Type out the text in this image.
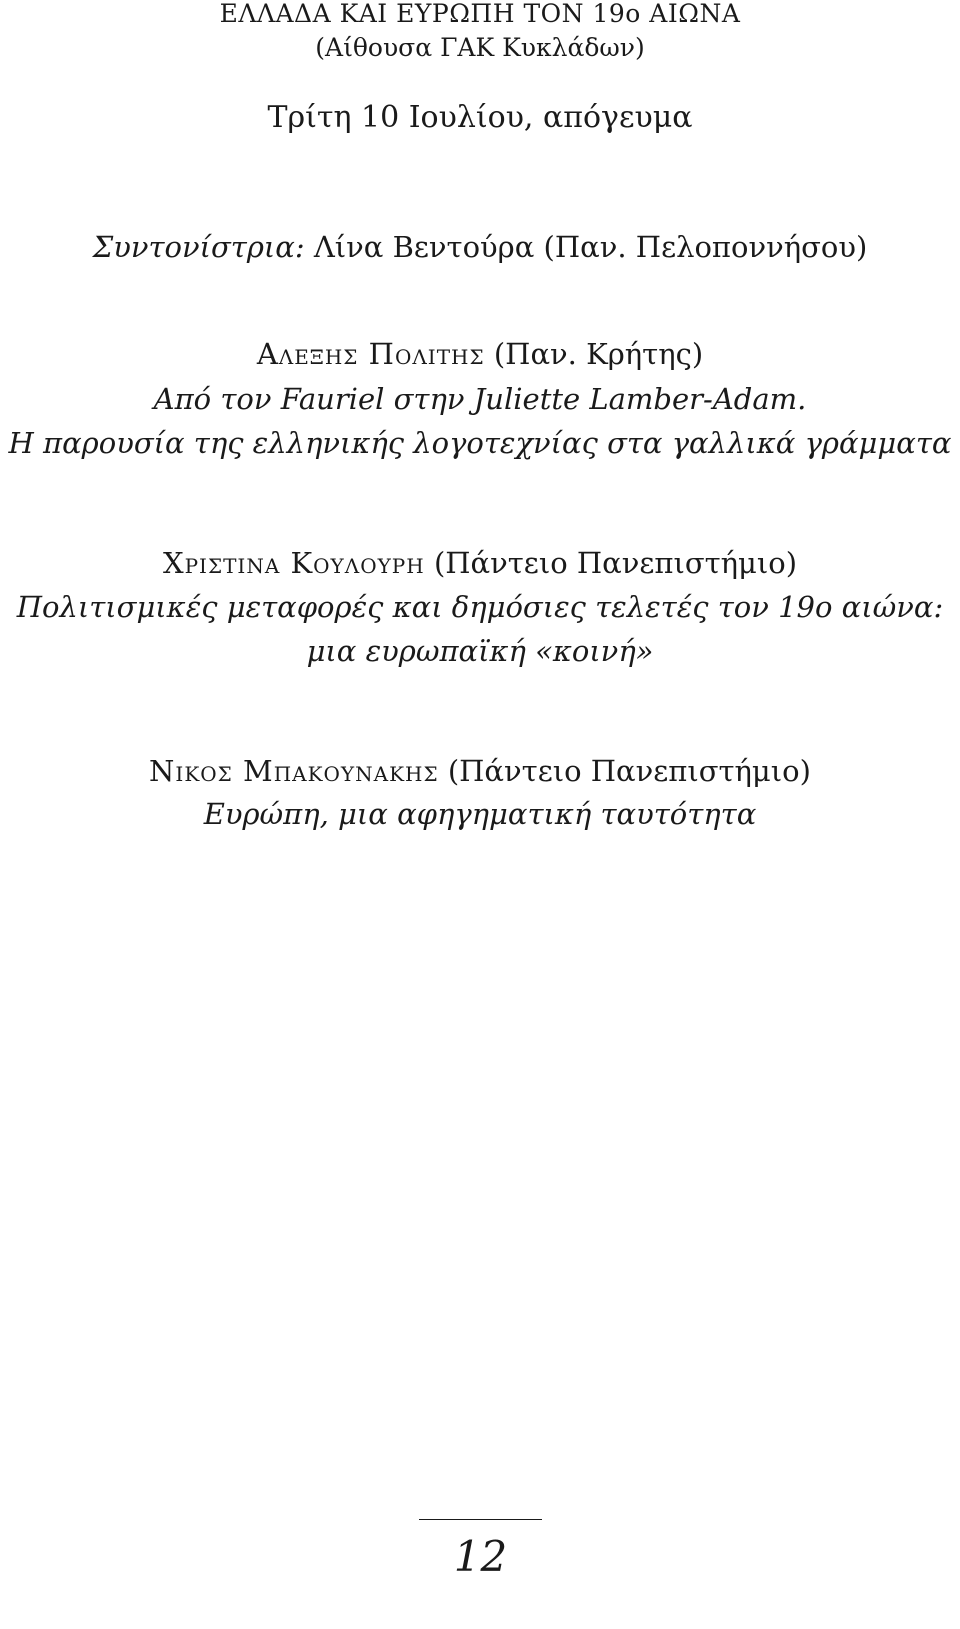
ΕΛΛΑΔΑ ΚΑΙ ΕΥΡΩΠΗ ΤΟΝ 19ο ΑΙΩΝΑ
(Αίθουσα ΓΑΚ Κυκλάδων)
Τρίτη 10 Ιουλίου, απόγευμα
Συντονίστρια: Λίνα Βεντούρα (Παν. Πελοποννήσου)
Αλεξης Πολιτης (Παν. Κρήτης)
Από τον Fauriel στην Juliette Lamber-Adam.
Η παρουσία της ελληνικής λογοτεχνίας στα γαλλικά γράμματα
Χριστινα Κουλουρη (Πάντειο Πανεπιστήμιο)
Πολιτισμικές μεταφορές και δημόσιες τελετές τον 19ο αιώνα:
μια ευρωπαϊκή «κοινή»
Νικος Μπακουνακης (Πάντειο Πανεπιστήμιο)
Ευρώπη, μια αφηγηματική ταυτότητα
12
